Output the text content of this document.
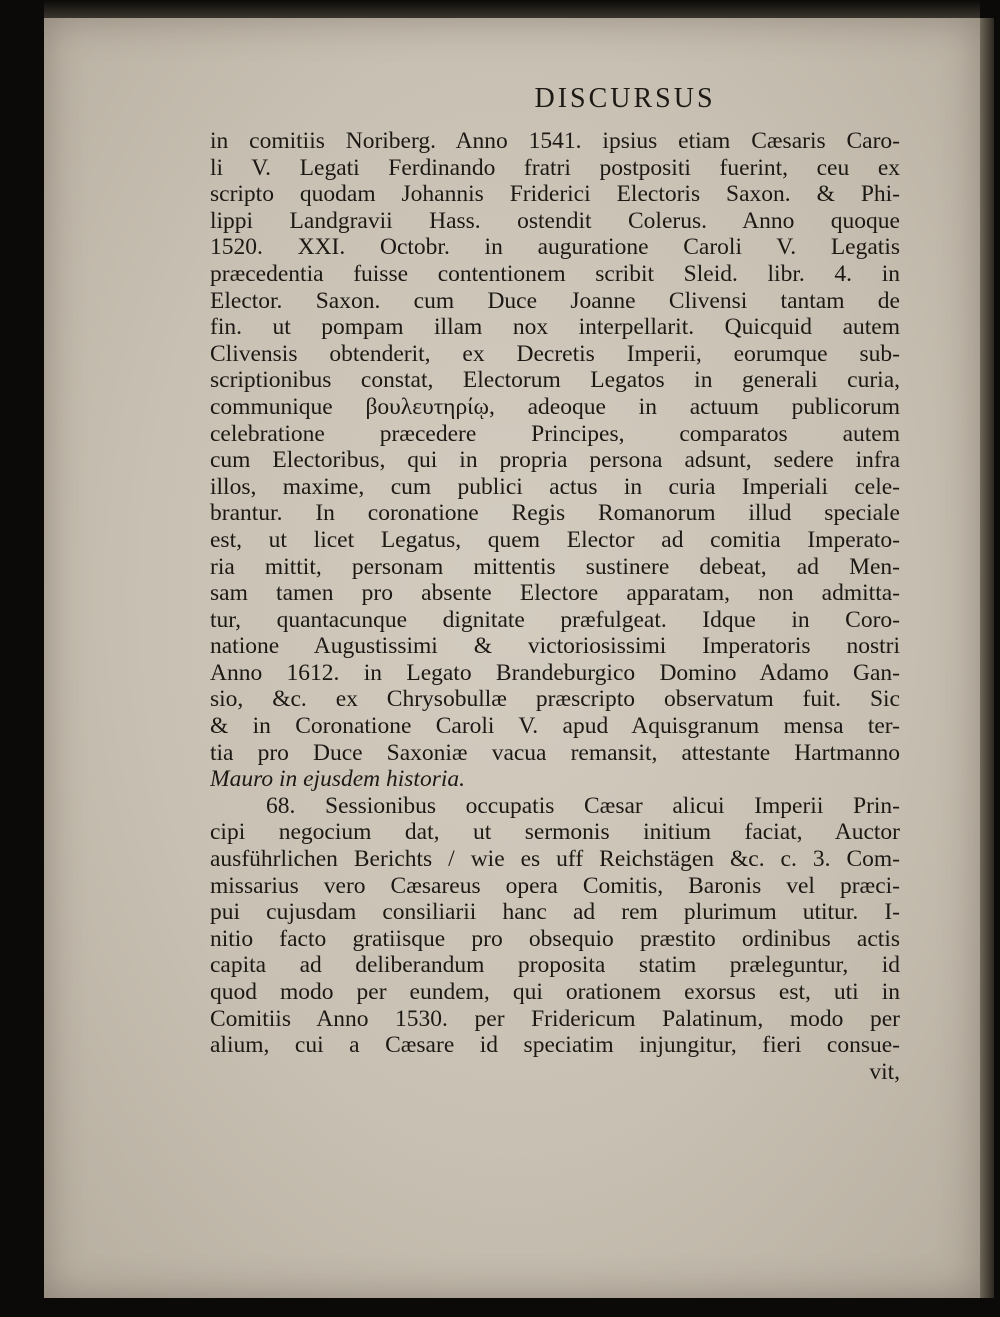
DISCURSUS
in comitiis Noriberg. Anno 1541. ipsius etiam Cæsaris Caro-
li V. Legati Ferdinando fratri postpositi fuerint, ceu ex
scripto quodam Johannis Friderici Electoris Saxon. & Phi-
lippi Landgravii Hass. ostendit Colerus. Anno quoque
1520. XXI. Octobr. in auguratione Caroli V. Legatis
præcedentia fuisse contentionem scribit Sleid. libr. 4. in
Elector. Saxon. cum Duce Joanne Clivensi tantam de
fin. ut pompam illam nox interpellarit. Quicquid autem
Clivensis obtenderit, ex Decretis Imperii, eorumque sub-
scriptionibus constat, Electorum Legatos in generali curia,
communique βουλευτηρίῳ, adeoque in actuum publicorum
celebratione præcedere Principes, comparatos autem
cum Electoribus, qui in propria persona adsunt, sedere infra
illos, maxime, cum publici actus in curia Imperiali cele-
brantur. In coronatione Regis Romanorum illud speciale
est, ut licet Legatus, quem Elector ad comitia Imperato-
ria mittit, personam mittentis sustinere debeat, ad Men-
sam tamen pro absente Electore apparatam, non admitta-
tur, quantacunque dignitate præfulgeat. Idque in Coro-
natione Augustissimi & victoriosissimi Imperatoris nostri
Anno 1612. in Legato Brandeburgico Domino Adamo Gan-
sio, &c. ex Chrysobullæ præscripto observatum fuit. Sic
& in Coronatione Caroli V. apud Aquisgranum mensa ter-
tia pro Duce Saxoniæ vacua remansit, attestante Hartmanno
Mauro in ejusdem historia.
68. Sessionibus occupatis Cæsar alicui Imperii Prin-
cipi negocium dat, ut sermonis initium faciat, Auctor
ausführlichen Berichts / wie es uff Reichstägen &c. c. 3. Com-
missarius vero Cæsareus opera Comitis, Baronis vel præci-
pui cujusdam consiliarii hanc ad rem plurimum utitur. I-
nitio facto gratiisque pro obsequio præstito ordinibus actis
capita ad deliberandum proposita statim præleguntur, id
quod modo per eundem, qui orationem exorsus est, uti in
Comitiis Anno 1530. per Fridericum Palatinum, modo per
alium, cui a Cæsare id speciatim injungitur, fieri consue-
vit,
